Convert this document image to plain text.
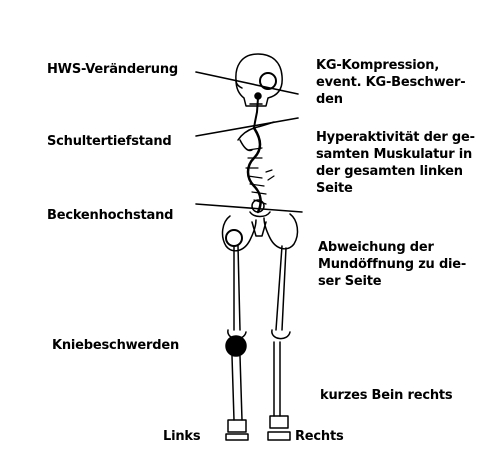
HWS-Veränderung
Schultertiefstand
Beckenhochstand
Kniebeschwerden
KG-Kompression,
event. KG-Beschwer-
den
Hyperaktivität der ge-
samten Muskulatur in
der gesamten linken
Seite
Abweichung der
Mundöffnung zu die-
ser Seite
kurzes Bein rechts
Links	Rechts
